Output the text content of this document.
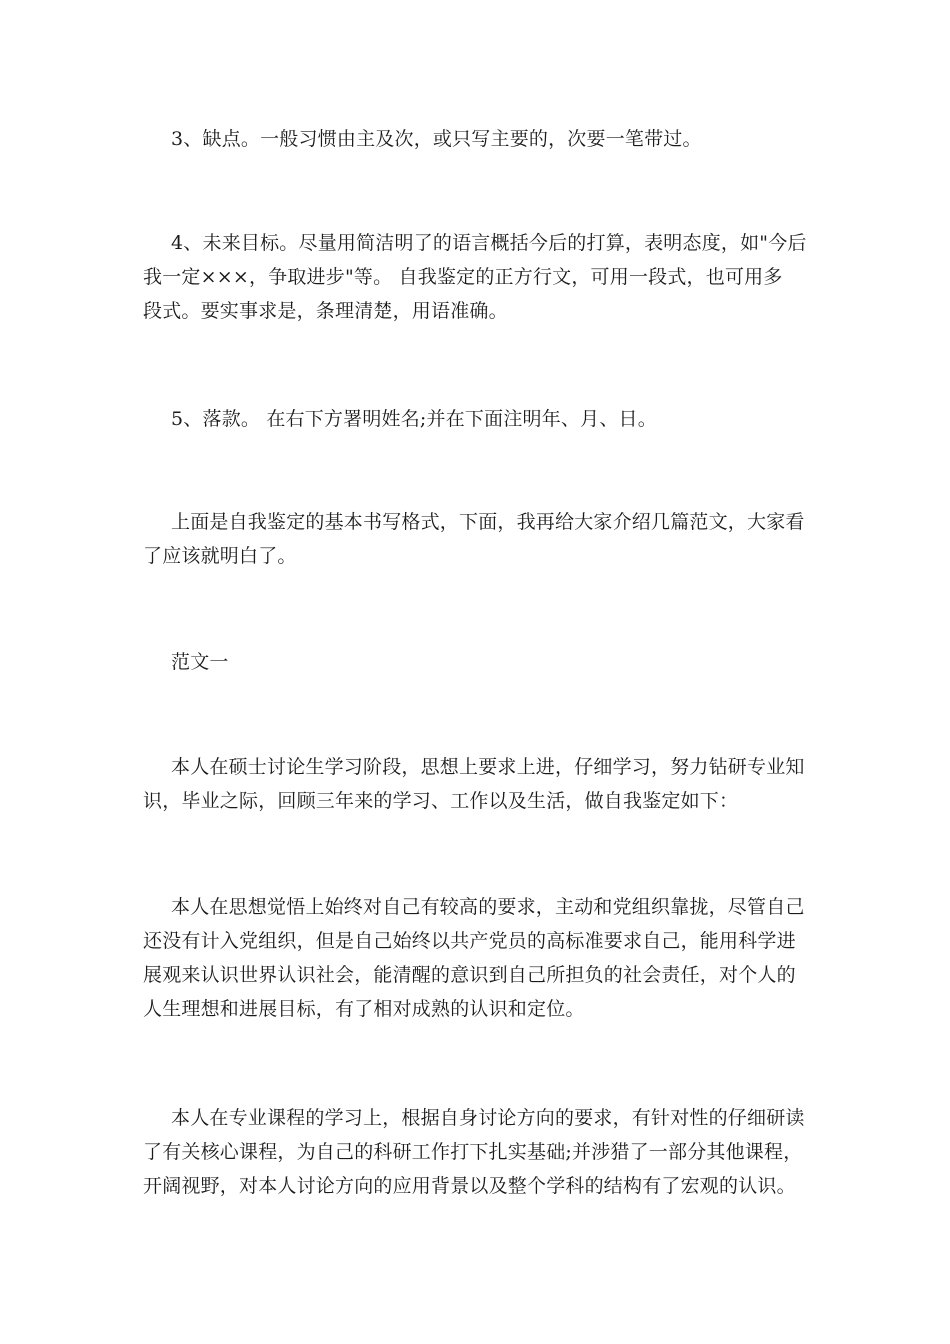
3、缺点。一般习惯由主及次，或只写主要的，次要一笔带过。
4、未来目标。尽量用简洁明了的语言概括今后的打算，表明态度，如"今后
我一定×××，争取进步"等。 自我鉴定的正方行文，可用一段式，也可用多
段式。要实事求是，条理清楚，用语准确。
5、落款。 在右下方署明姓名;并在下面注明年、月、日。
上面是自我鉴定的基本书写格式，下面，我再给大家介绍几篇范文，大家看
了应该就明白了。
范文一
本人在硕士讨论生学习阶段，思想上要求上进，仔细学习，努力钻研专业知
识，毕业之际，回顾三年来的学习、工作以及生活，做自我鉴定如下：
本人在思想觉悟上始终对自己有较高的要求，主动和党组织靠拢，尽管自己
还没有计入党组织，但是自己始终以共产党员的高标准要求自己，能用科学进
展观来认识世界认识社会，能清醒的意识到自己所担负的社会责任，对个人的
人生理想和进展目标，有了相对成熟的认识和定位。
本人在专业课程的学习上，根据自身讨论方向的要求，有针对性的仔细研读
了有关核心课程，为自己的科研工作打下扎实基础;并涉猎了一部分其他课程，
开阔视野，对本人讨论方向的应用背景以及整个学科的结构有了宏观的认识。
